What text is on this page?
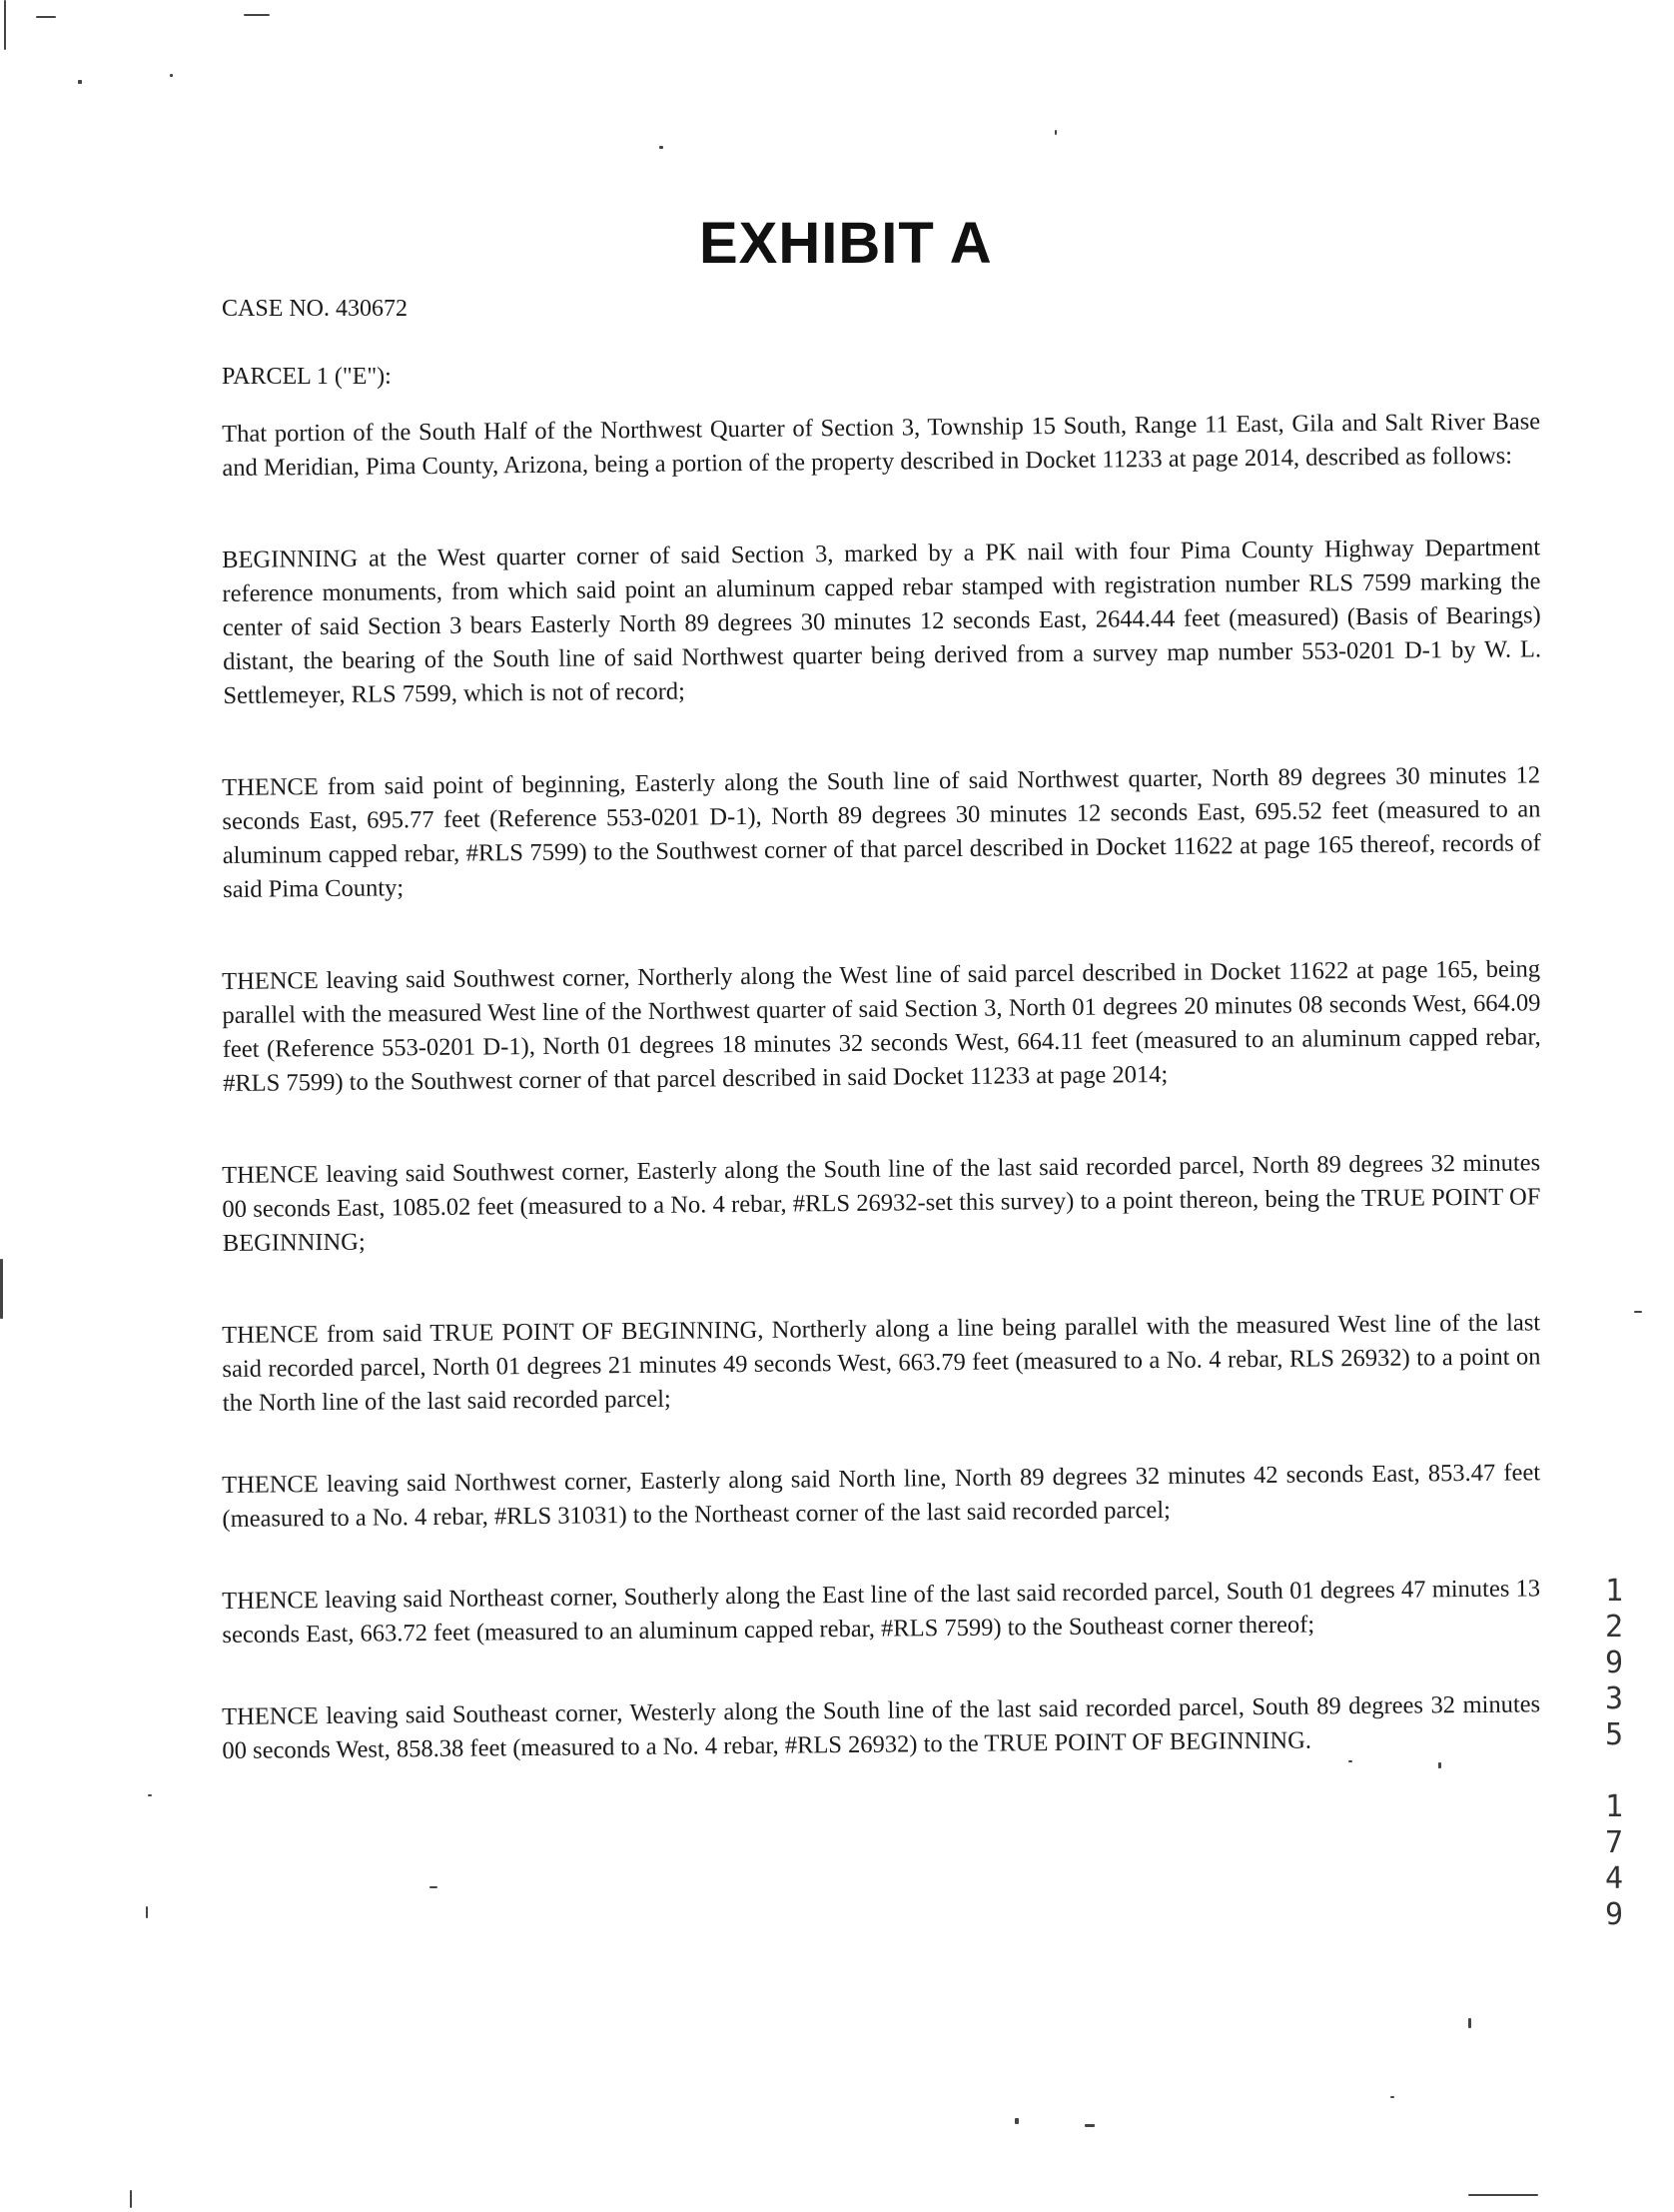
EXHIBIT A
CASE NO. 430672
PARCEL 1 ("E"):

That portion of the South Half of the Northwest Quarter of Section 3, Township 15 South, Range 11 East, Gila and Salt River Base and Meridian, Pima County, Arizona, being a portion of the property described in Docket 11233 at page 2014, described as follows:

BEGINNING at the West quarter corner of said Section 3, marked by a PK nail with four Pima County Highway Department reference monuments, from which said point an aluminum capped rebar stamped with registration number RLS 7599 marking the center of said Section 3 bears Easterly North 89 degrees 30 minutes 12 seconds East, 2644.44 feet (measured) (Basis of Bearings) distant, the bearing of the South line of said Northwest quarter being derived from a survey map number 553-0201 D-1 by W. L. Settlemeyer, RLS 7599, which is not of record;

THENCE from said point of beginning, Easterly along the South line of said Northwest quarter, North 89 degrees 30 minutes 12 seconds East, 695.77 feet (Reference 553-0201 D-1), North 89 degrees 30 minutes 12 seconds East, 695.52 feet (measured to an aluminum capped rebar, #RLS 7599) to the Southwest corner of that parcel described in Docket 11622 at page 165 thereof, records of said Pima County;

THENCE leaving said Southwest corner, Northerly along the West line of said parcel described in Docket 11622 at page 165, being parallel with the measured West line of the Northwest quarter of said Section 3, North 01 degrees 20 minutes 08 seconds West, 664.09 feet (Reference 553-0201 D-1), North 01 degrees 18 minutes 32 seconds West, 664.11 feet (measured to an aluminum capped rebar, #RLS 7599) to the Southwest corner of that parcel described in said Docket 11233 at page 2014;

THENCE leaving said Southwest corner, Easterly along the South line of the last said recorded parcel, North 89 degrees 32 minutes 00 seconds East, 1085.02 feet (measured to a No. 4 rebar, #RLS 26932-set this survey) to a point thereon, being the TRUE POINT OF BEGINNING;

THENCE from said TRUE POINT OF BEGINNING, Northerly along a line being parallel with the measured West line of the last said recorded parcel, North 01 degrees 21 minutes 49 seconds West, 663.79 feet (measured to a No. 4 rebar, RLS 26932) to a point on the North line of the last said recorded parcel;

THENCE leaving said Northwest corner, Easterly along said North line, North 89 degrees 32 minutes 42 seconds East, 853.47 feet (measured to a No. 4 rebar, #RLS 31031) to the Northeast corner of the last said recorded parcel;

THENCE leaving said Northeast corner, Southerly along the East line of the last said recorded parcel, South 01 degrees 47 minutes 13 seconds East, 663.72 feet (measured to an aluminum capped rebar, #RLS 7599) to the Southeast corner thereof;

THENCE leaving said Southeast corner, Westerly along the South line of the last said recorded parcel, South 89 degrees 32 minutes 00 seconds West, 858.38 feet (measured to a No. 4 rebar, #RLS 26932) to the TRUE POINT OF BEGINNING.

1
2
9
3
5
1
7
4
9
